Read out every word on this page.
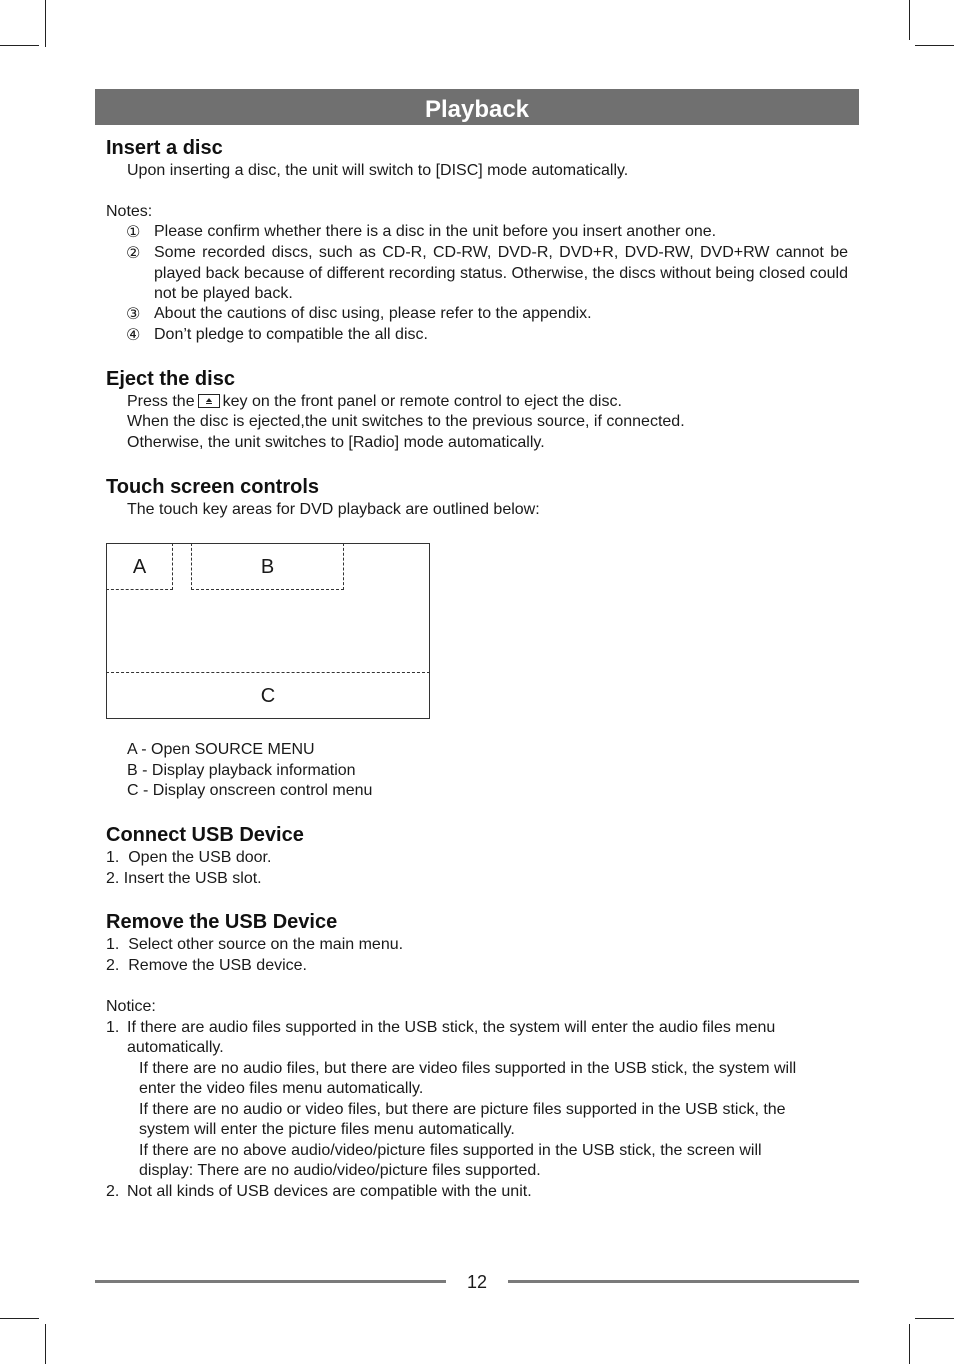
Playback
Insert a disc
Upon inserting a disc, the unit will switch to [DISC] mode automatically.
Notes:
① Please confirm whether there is a disc in the unit before you insert another one.
② Some recorded discs, such as CD-R, CD-RW, DVD-R, DVD+R, DVD-RW, DVD+RW cannot be played back because of different recording status. Otherwise, the discs without being closed could not be played back.
③ About the cautions of disc using, please refer to the appendix.
④ Don’t pledge to compatible the all disc.
Eject the disc
Press the key on the front panel or remote control to eject the disc.
When the disc is ejected,the unit switches to the previous source, if connected.
Otherwise, the unit switches to [Radio] mode automatically.
Touch screen controls
The touch key areas for DVD playback are outlined below:
A	B
C
A - Open SOURCE MENU
B - Display playback information
C - Display onscreen control menu
Connect USB Device
1.  Open the USB door.
2. Insert the USB slot.
Remove the USB Device
1.  Select other source on the main menu.
2.  Remove the USB device.
Notice:
1. If there are audio files supported in the USB stick, the system will enter the audio files menu
automatically.
If there are no audio files, but there are video files supported in the USB stick, the system will
enter the video files menu automatically.
If there are no audio or video files, but there are picture files supported in the USB stick, the
system will enter the picture files menu automatically.
If there are no above audio/video/picture files supported in the USB stick, the screen will
display: There are no audio/video/picture files supported.
2. Not all kinds of USB devices are compatible with the unit.
12
